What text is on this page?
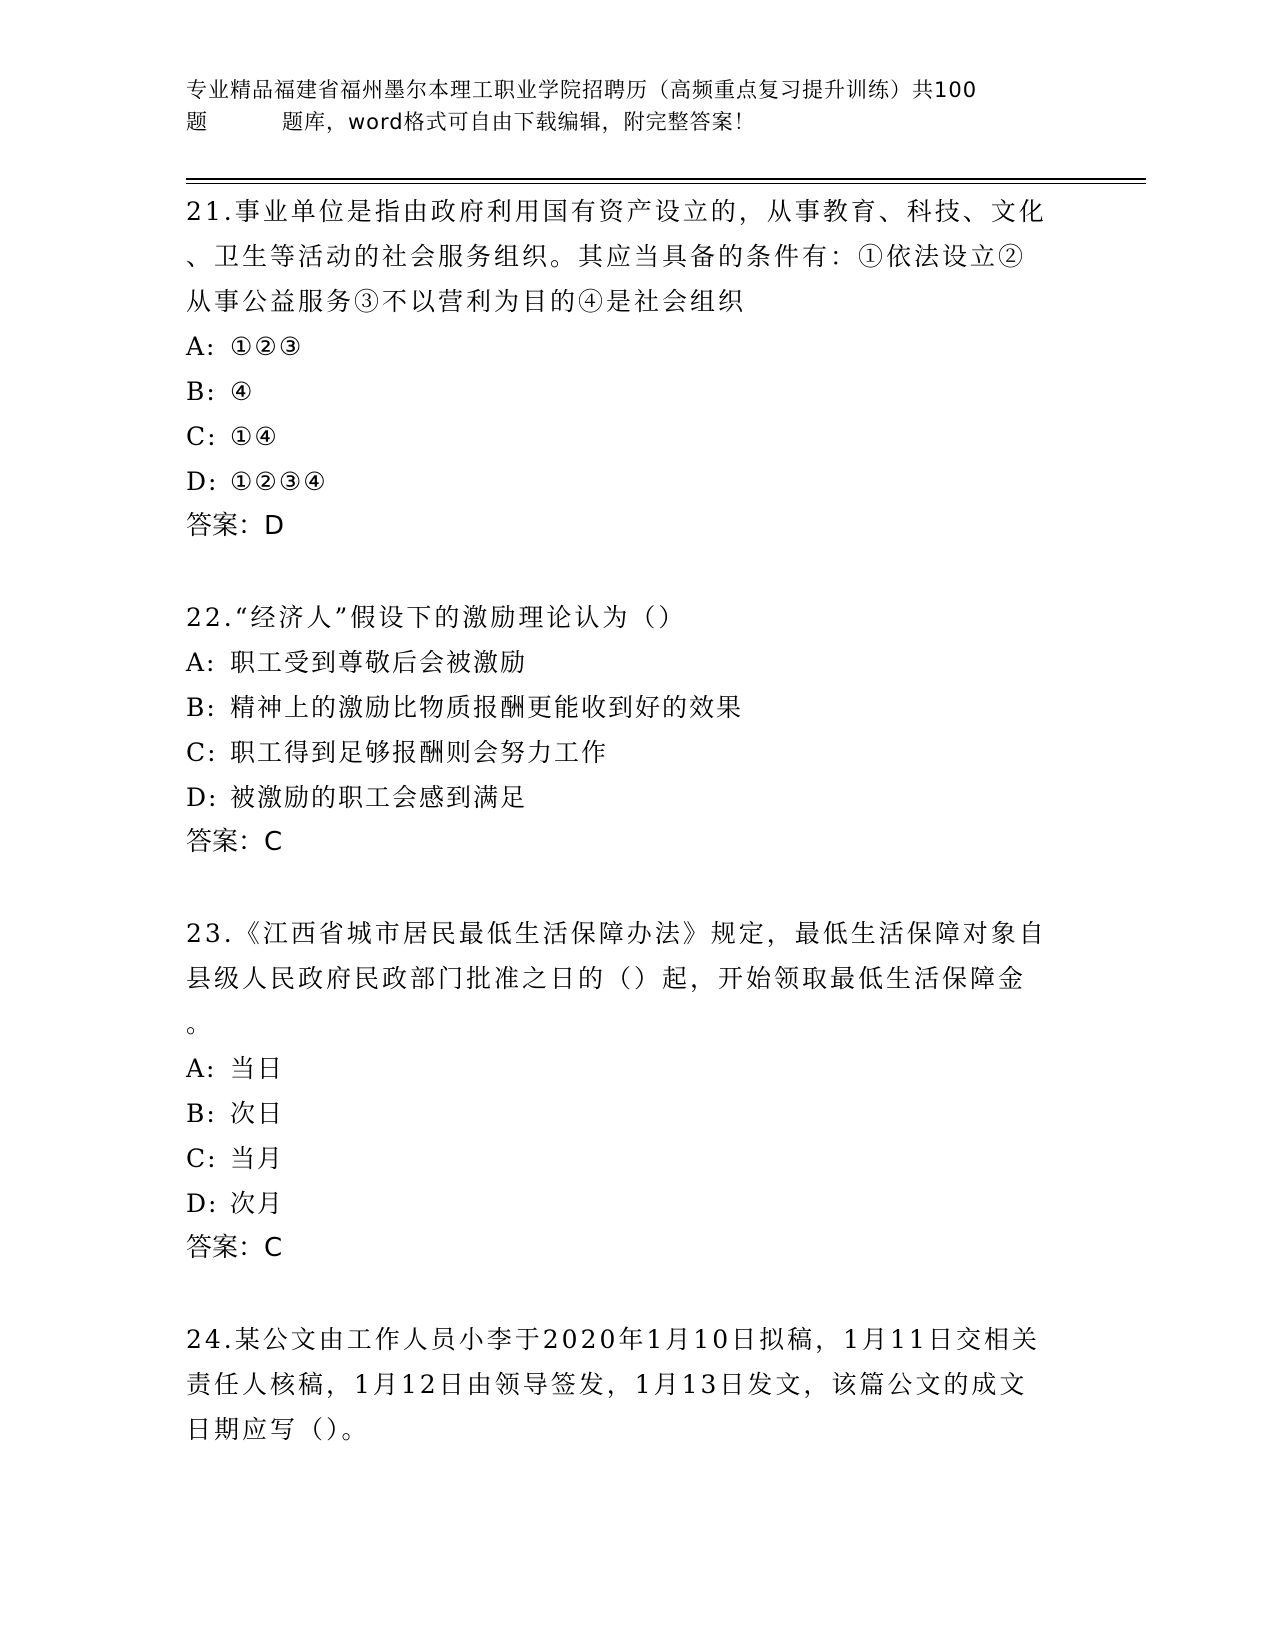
专业精品福建省福州墨尔本理工职业学院招聘历（高频重点复习提升训练）共100
题	题库，word格式可自由下载编辑，附完整答案！
21.事业单位是指由政府利用国有资产设立的，从事教育、科技、文化
、卫生等活动的社会服务组织。其应当具备的条件有：①依法设立②
从事公益服务③不以营利为目的④是社会组织
A: ①②③
B: ④
C: ①④
D: ①②③④
答案：D
22.“经济人”假设下的激励理论认为（）
A: 职工受到尊敬后会被激励
B: 精神上的激励比物质报酬更能收到好的效果
C: 职工得到足够报酬则会努力工作
D: 被激励的职工会感到满足
答案：C
23.《江西省城市居民最低生活保障办法》规定，最低生活保障对象自
县级人民政府民政部门批准之日的（）起，开始领取最低生活保障金
。
A: 当日
B: 次日
C: 当月
D: 次月
答案：C
24.某公文由工作人员小李于2020年1月10日拟稿，1月11日交相关
责任人核稿，1月12日由领导签发，1月13日发文，该篇公文的成文
日期应写（）。
